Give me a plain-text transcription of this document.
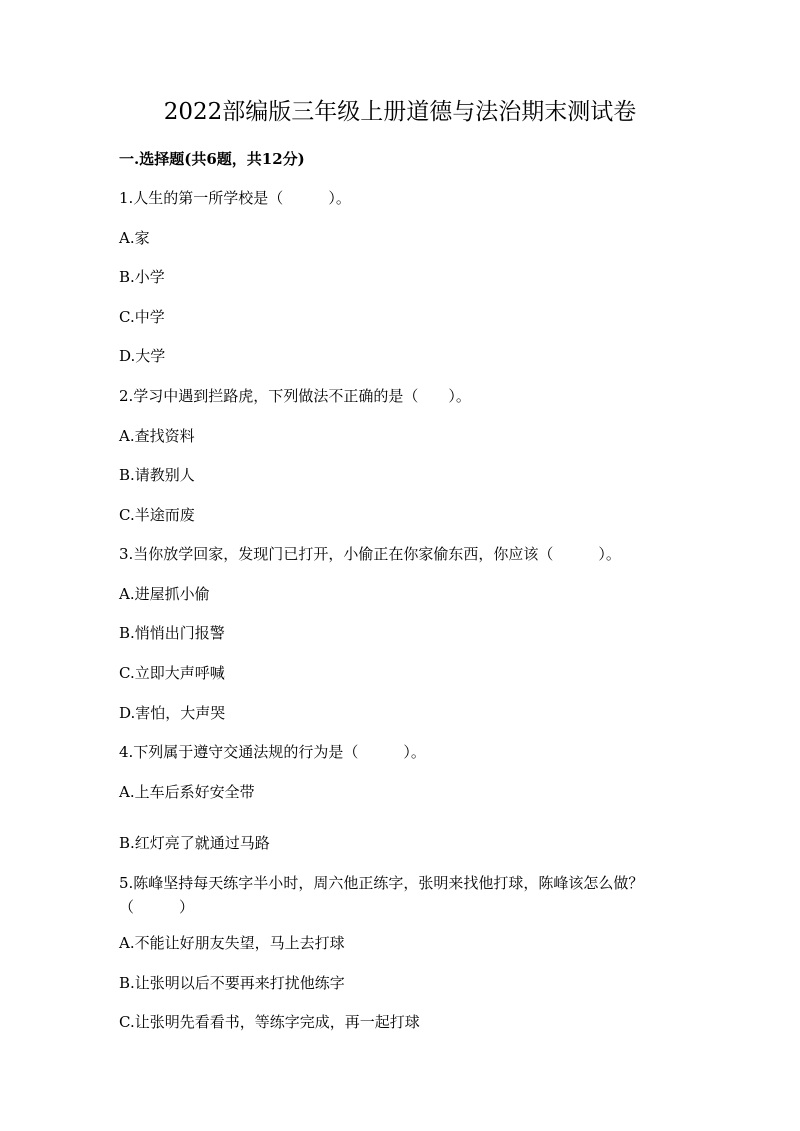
2022部编版三年级上册道德与法治期末测试卷
一.选择题(共6题，共12分)
1.人生的第一所学校是（　　　）。
A.家
B.小学
C.中学
D.大学
2.学习中遇到拦路虎，下列做法不正确的是（　　）。
A.查找资料
B.请教别人
C.半途而废
3.当你放学回家，发现门已打开，小偷正在你家偷东西，你应该（　　　）。
A.进屋抓小偷
B.悄悄出门报警
C.立即大声呼喊
D.害怕，大声哭
4.下列属于遵守交通法规的行为是（　　　）。
A.上车后系好安全带
B.红灯亮了就通过马路
5.陈峰坚持每天练字半小时，周六他正练字，张明来找他打球，陈峰该怎么做？（　　　）
A.不能让好朋友失望，马上去打球
B.让张明以后不要再来打扰他练字
C.让张明先看看书，等练字完成，再一起打球
